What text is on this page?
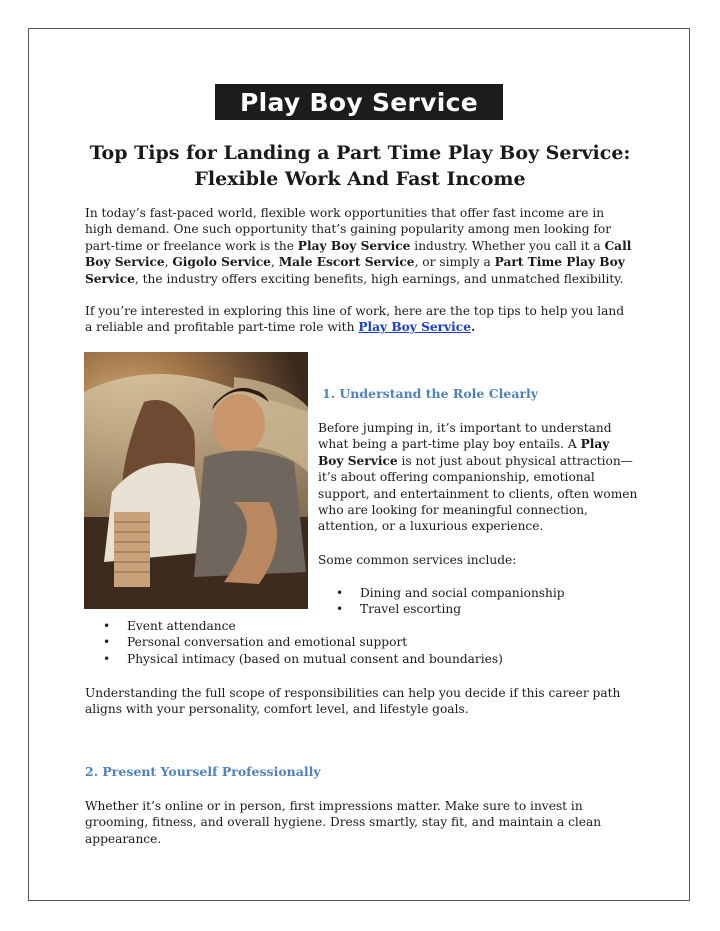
Play Boy Service
Top Tips for Landing a Part Time Play Boy Service:
Flexible Work And Fast Income

In today’s fast-paced world, flexible work opportunities that offer fast income are in high demand. One such opportunity that’s gaining popularity among men looking for part-time or freelance work is the Play Boy Service industry. Whether you call it a Call Boy Service, Gigolo Service, Male Escort Service, or simply a Part Time Play Boy Service, the industry offers exciting benefits, high earnings, and unmatched flexibility.

If you’re interested in exploring this line of work, here are the top tips to help you land a reliable and profitable part-time role with Play Boy Service.

1. Understand the Role Clearly

Before jumping in, it’s important to understand what being a part-time play boy entails. A Play Boy Service is not just about physical attraction—it’s about offering companionship, emotional support, and entertainment to clients, often women who are looking for meaningful connection, attention, or a luxurious experience.

Some common services include:

• Dining and social companionship
• Travel escorting
• Event attendance
• Personal conversation and emotional support
• Physical intimacy (based on mutual consent and boundaries)

Understanding the full scope of responsibilities can help you decide if this career path aligns with your personality, comfort level, and lifestyle goals.

2. Present Yourself Professionally

Whether it’s online or in person, first impressions matter. Make sure to invest in grooming, fitness, and overall hygiene. Dress smartly, stay fit, and maintain a clean appearance.
